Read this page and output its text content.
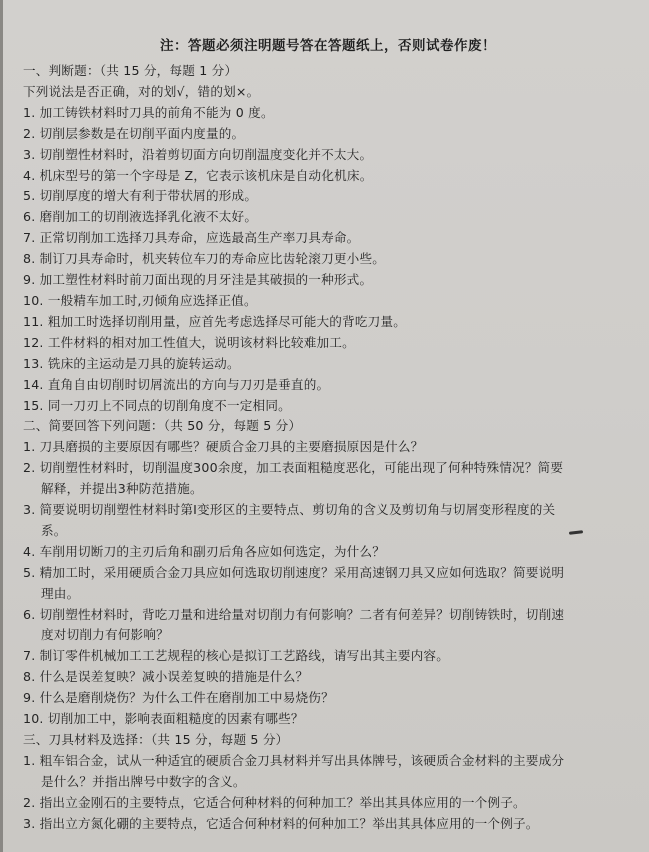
注：答题必须注明题号答在答题纸上，否则试卷作废！
一、判断题：（共 15 分，每题 1 分）
下列说法是否正确，对的划√，错的划×。
1. 加工铸铁材料时刀具的前角不能为 0 度。
2. 切削层参数是在切削平面内度量的。
3. 切削塑性材料时，沿着剪切面方向切削温度变化并不太大。
4. 机床型号的第一个字母是 Z，它表示该机床是自动化机床。
5. 切削厚度的增大有利于带状屑的形成。
6. 磨削加工的切削液选择乳化液不太好。
7. 正常切削加工选择刀具寿命，应选最高生产率刀具寿命。
8. 制订刀具寿命时，机夹转位车刀的寿命应比齿轮滚刀更小些。
9. 加工塑性材料时前刀面出现的月牙洼是其破损的一种形式。
10. 一般精车加工时,刃倾角应选择正值。
11. 粗加工时选择切削用量，应首先考虑选择尽可能大的背吃刀量。
12. 工件材料的相对加工性值大，说明该材料比较难加工。
13. 铣床的主运动是刀具的旋转运动。
14. 直角自由切削时切屑流出的方向与刀刃是垂直的。
15. 同一刀刃上不同点的切削角度不一定相同。
二、简要回答下列问题：（共 50 分，每题 5 分）
1. 刀具磨损的主要原因有哪些？硬质合金刀具的主要磨损原因是什么？
2. 切削塑性材料时，切削温度300余度，加工表面粗糙度恶化，可能出现了何种特殊情况？简要
解释，并提出3种防范措施。
3. 简要说明切削塑性材料时第Ⅰ变形区的主要特点、剪切角的含义及剪切角与切屑变形程度的关
系。
4. 车削用切断刀的主刃后角和副刃后角各应如何选定，为什么？
5. 精加工时，采用硬质合金刀具应如何选取切削速度？采用高速钢刀具又应如何选取？简要说明
理由。
6. 切削塑性材料时，背吃刀量和进给量对切削力有何影响？二者有何差异？切削铸铁时，切削速
度对切削力有何影响？
7. 制订零件机械加工工艺规程的核心是拟订工艺路线，请写出其主要内容。
8. 什么是误差复映？减小误差复映的措施是什么？
9. 什么是磨削烧伤？为什么工件在磨削加工中易烧伤？
10. 切削加工中，影响表面粗糙度的因素有哪些？
三、刀具材料及选择：（共 15 分，每题 5 分）
1. 粗车铝合金，试从一种适宜的硬质合金刀具材料并写出具体牌号，该硬质合金材料的主要成分
是什么？并指出牌号中数字的含义。
2. 指出立金刚石的主要特点，它适合何种材料的何种加工？举出其具体应用的一个例子。
3. 指出立方氮化硼的主要特点，它适合何种材料的何种加工？举出其具体应用的一个例子。
